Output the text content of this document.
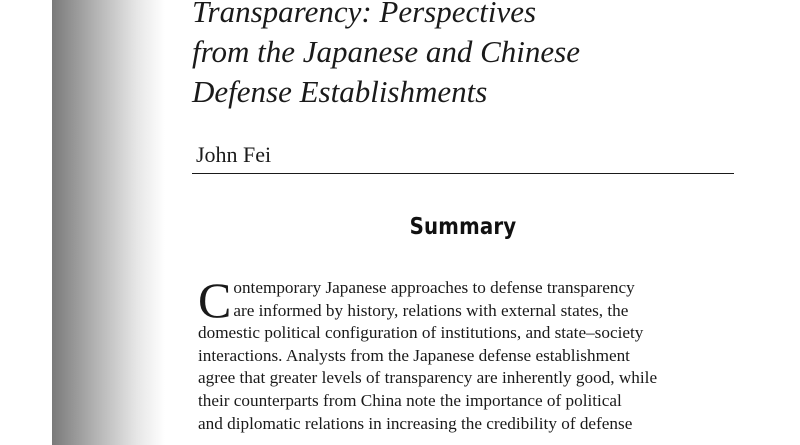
Transparency: Perspectives
from the Japanese and Chinese
Defense Establishments

John Fei

Summary
C ontemporary Japanese approaches to defense transparency
are informed by history, relations with external states, the
domestic political configuration of institutions, and state–society
interactions. Analysts from the Japanese defense establishment
agree that greater levels of transparency are inherently good, while
their counterparts from China note the importance of political
and diplomatic relations in increasing the credibility of defense
